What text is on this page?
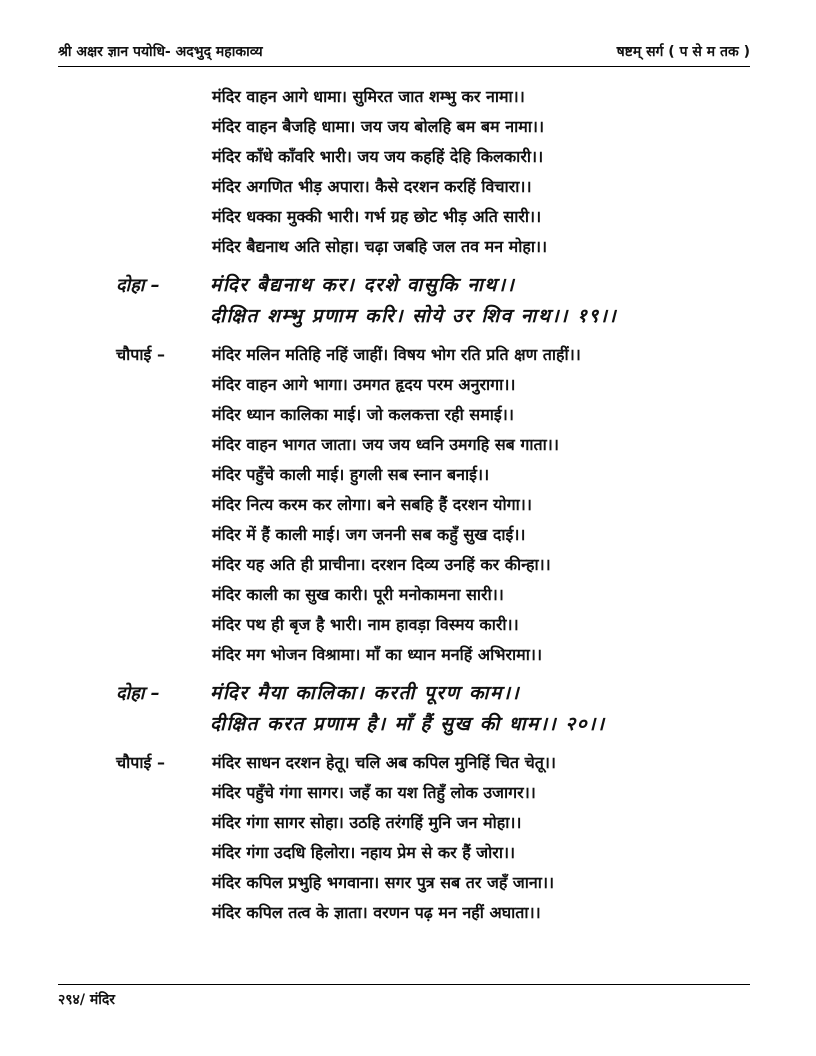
श्री अक्षर ज्ञान पयोधि- अदभुद् महाकाव्य	षष्टम् सर्ग ( प से म तक )
मंदिर वाहन आगे धामा। सुमिरत जात शम्भु कर नामा।।
मंदिर वाहन बैजहि धामा। जय जय बोलहि बम बम नामा।।
मंदिर काँधे काँवरि भारी। जय जय कहहिं देहि किलकारी।।
मंदिर अगणित भीड़ अपारा। कैसे दरशन करहिं विचारा।।
मंदिर धक्का मुक्की भारी। गर्भ ग्रह छोट भीड़ अति सारी।।
मंदिर बैद्यनाथ अति सोहा। चढ़ा जबहि जल तव मन मोहा।।
दोहा –	मंदिर बैद्यनाथ कर। दरशे वासुकि नाथ।।
दीक्षित शम्भु प्रणाम करि। सोये उर शिव नाथ।। १९।।
चौपाई –	मंदिर मलिन मतिहि नहिं जाहीं। विषय भोग रति प्रति क्षण ताहीं।।
मंदिर वाहन आगे भागा। उमगत हृदय परम अनुरागा।।
मंदिर ध्यान कालिका माई। जो कलकत्ता रही समाई।।
मंदिर वाहन भागत जाता। जय जय ध्वनि उमगहि सब गाता।।
मंदिर पहुँचे काली माई। हुगली सब स्नान बनाई।।
मंदिर नित्य करम कर लोगा। बने सबहि हैं दरशन योगा।।
मंदिर में हैं काली माई। जग जननी सब कहुँ सुख दाई।।
मंदिर यह अति ही प्राचीना। दरशन दिव्य उनहिं कर कीन्हा।।
मंदिर काली का सुख कारी। पूरी मनोकामना सारी।।
मंदिर पथ ही बृज है भारी। नाम हावड़ा विस्मय कारी।।
मंदिर मग भोजन विश्रामा। माँ का ध्यान मनहिं अभिरामा।।
दोहा –	मंदिर मैया कालिका। करती पूरण काम।।
दीक्षित करत प्रणाम है। माँ हैं सुख की धाम।। २०।।
चौपाई –	मंदिर साधन दरशन हेतू। चलि अब कपिल मुनिहिं चित चेतू।।
मंदिर पहुँचे गंगा सागर। जहँ का यश तिहुँ लोक उजागर।।
मंदिर गंगा सागर सोहा। उठहि तरंगहिं मुनि जन मोहा।।
मंदिर गंगा उदधि हिलोरा। नहाय प्रेम से कर हैं जोरा।।
मंदिर कपिल प्रभुहि भगवाना। सगर पुत्र सब तर जहँ जाना।।
मंदिर कपिल तत्व के ज्ञाता। वरणन पढ़ मन नहीं अघाता।।
२९४/ मंदिर
